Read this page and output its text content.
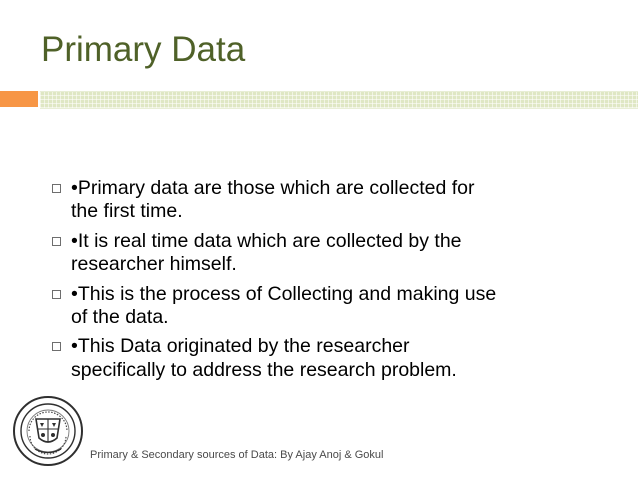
Primary Data
•Primary data are those which are collected for
the first time.
•It is real time data which are collected by the
researcher himself.
•This is the process of Collecting and making use
of the data.
•This Data originated by the researcher
specifically to address the research problem.
Primary & Secondary sources of Data: By Ajay Anoj & Gokul
